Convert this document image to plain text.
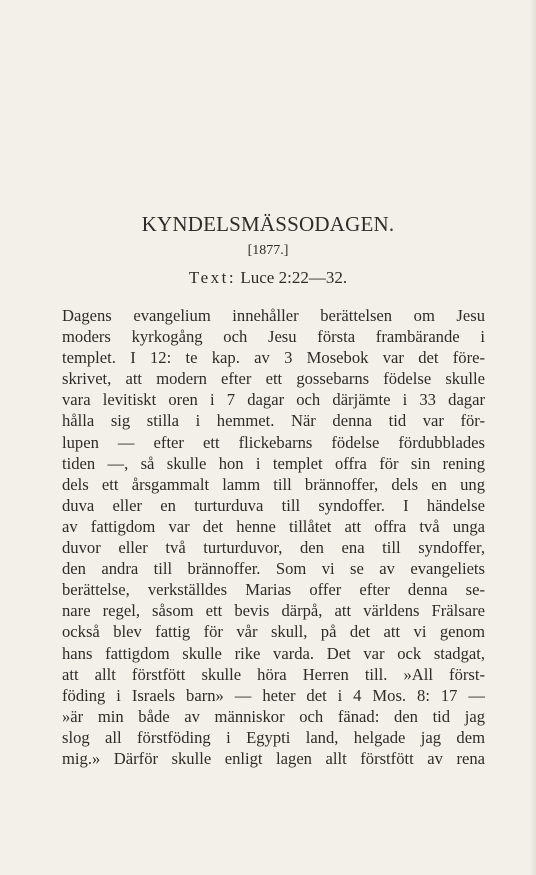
KYNDELSMÄSSODAGEN.
[1877.]
Text: Luce 2:22—32.
Dagens evangelium innehåller berättelsen om Jesu
moders kyrkogång och Jesu första frambärande i
templet. I 12: te kap. av 3 Mosebok var det före-
skrivet, att modern efter ett gossebarns födelse skulle
vara levitiskt oren i 7 dagar och därjämte i 33 dagar
hålla sig stilla i hemmet. När denna tid var för-
lupen — efter ett flickebarns födelse fördubblades
tiden —, så skulle hon i templet offra för sin rening
dels ett årsgammalt lamm till brännoffer, dels en ung
duva eller en turturduva till syndoffer. I händelse
av fattigdom var det henne tillåtet att offra två unga
duvor eller två turturduvor, den ena till syndoffer,
den andra till brännoffer. Som vi se av evangeliets
berättelse, verkställdes Marias offer efter denna se-
nare regel, såsom ett bevis därpå, att världens Frälsare
också blev fattig för vår skull, på det att vi genom
hans fattigdom skulle rike varda. Det var ock stadgat,
att allt förstfött skulle höra Herren till. »All först-
föding i Israels barn» — heter det i 4 Mos. 8: 17 —
»är min både av människor och fänad: den tid jag
slog all förstföding i Egypti land, helgade jag dem
mig.» Därför skulle enligt lagen allt förstfött av rena
